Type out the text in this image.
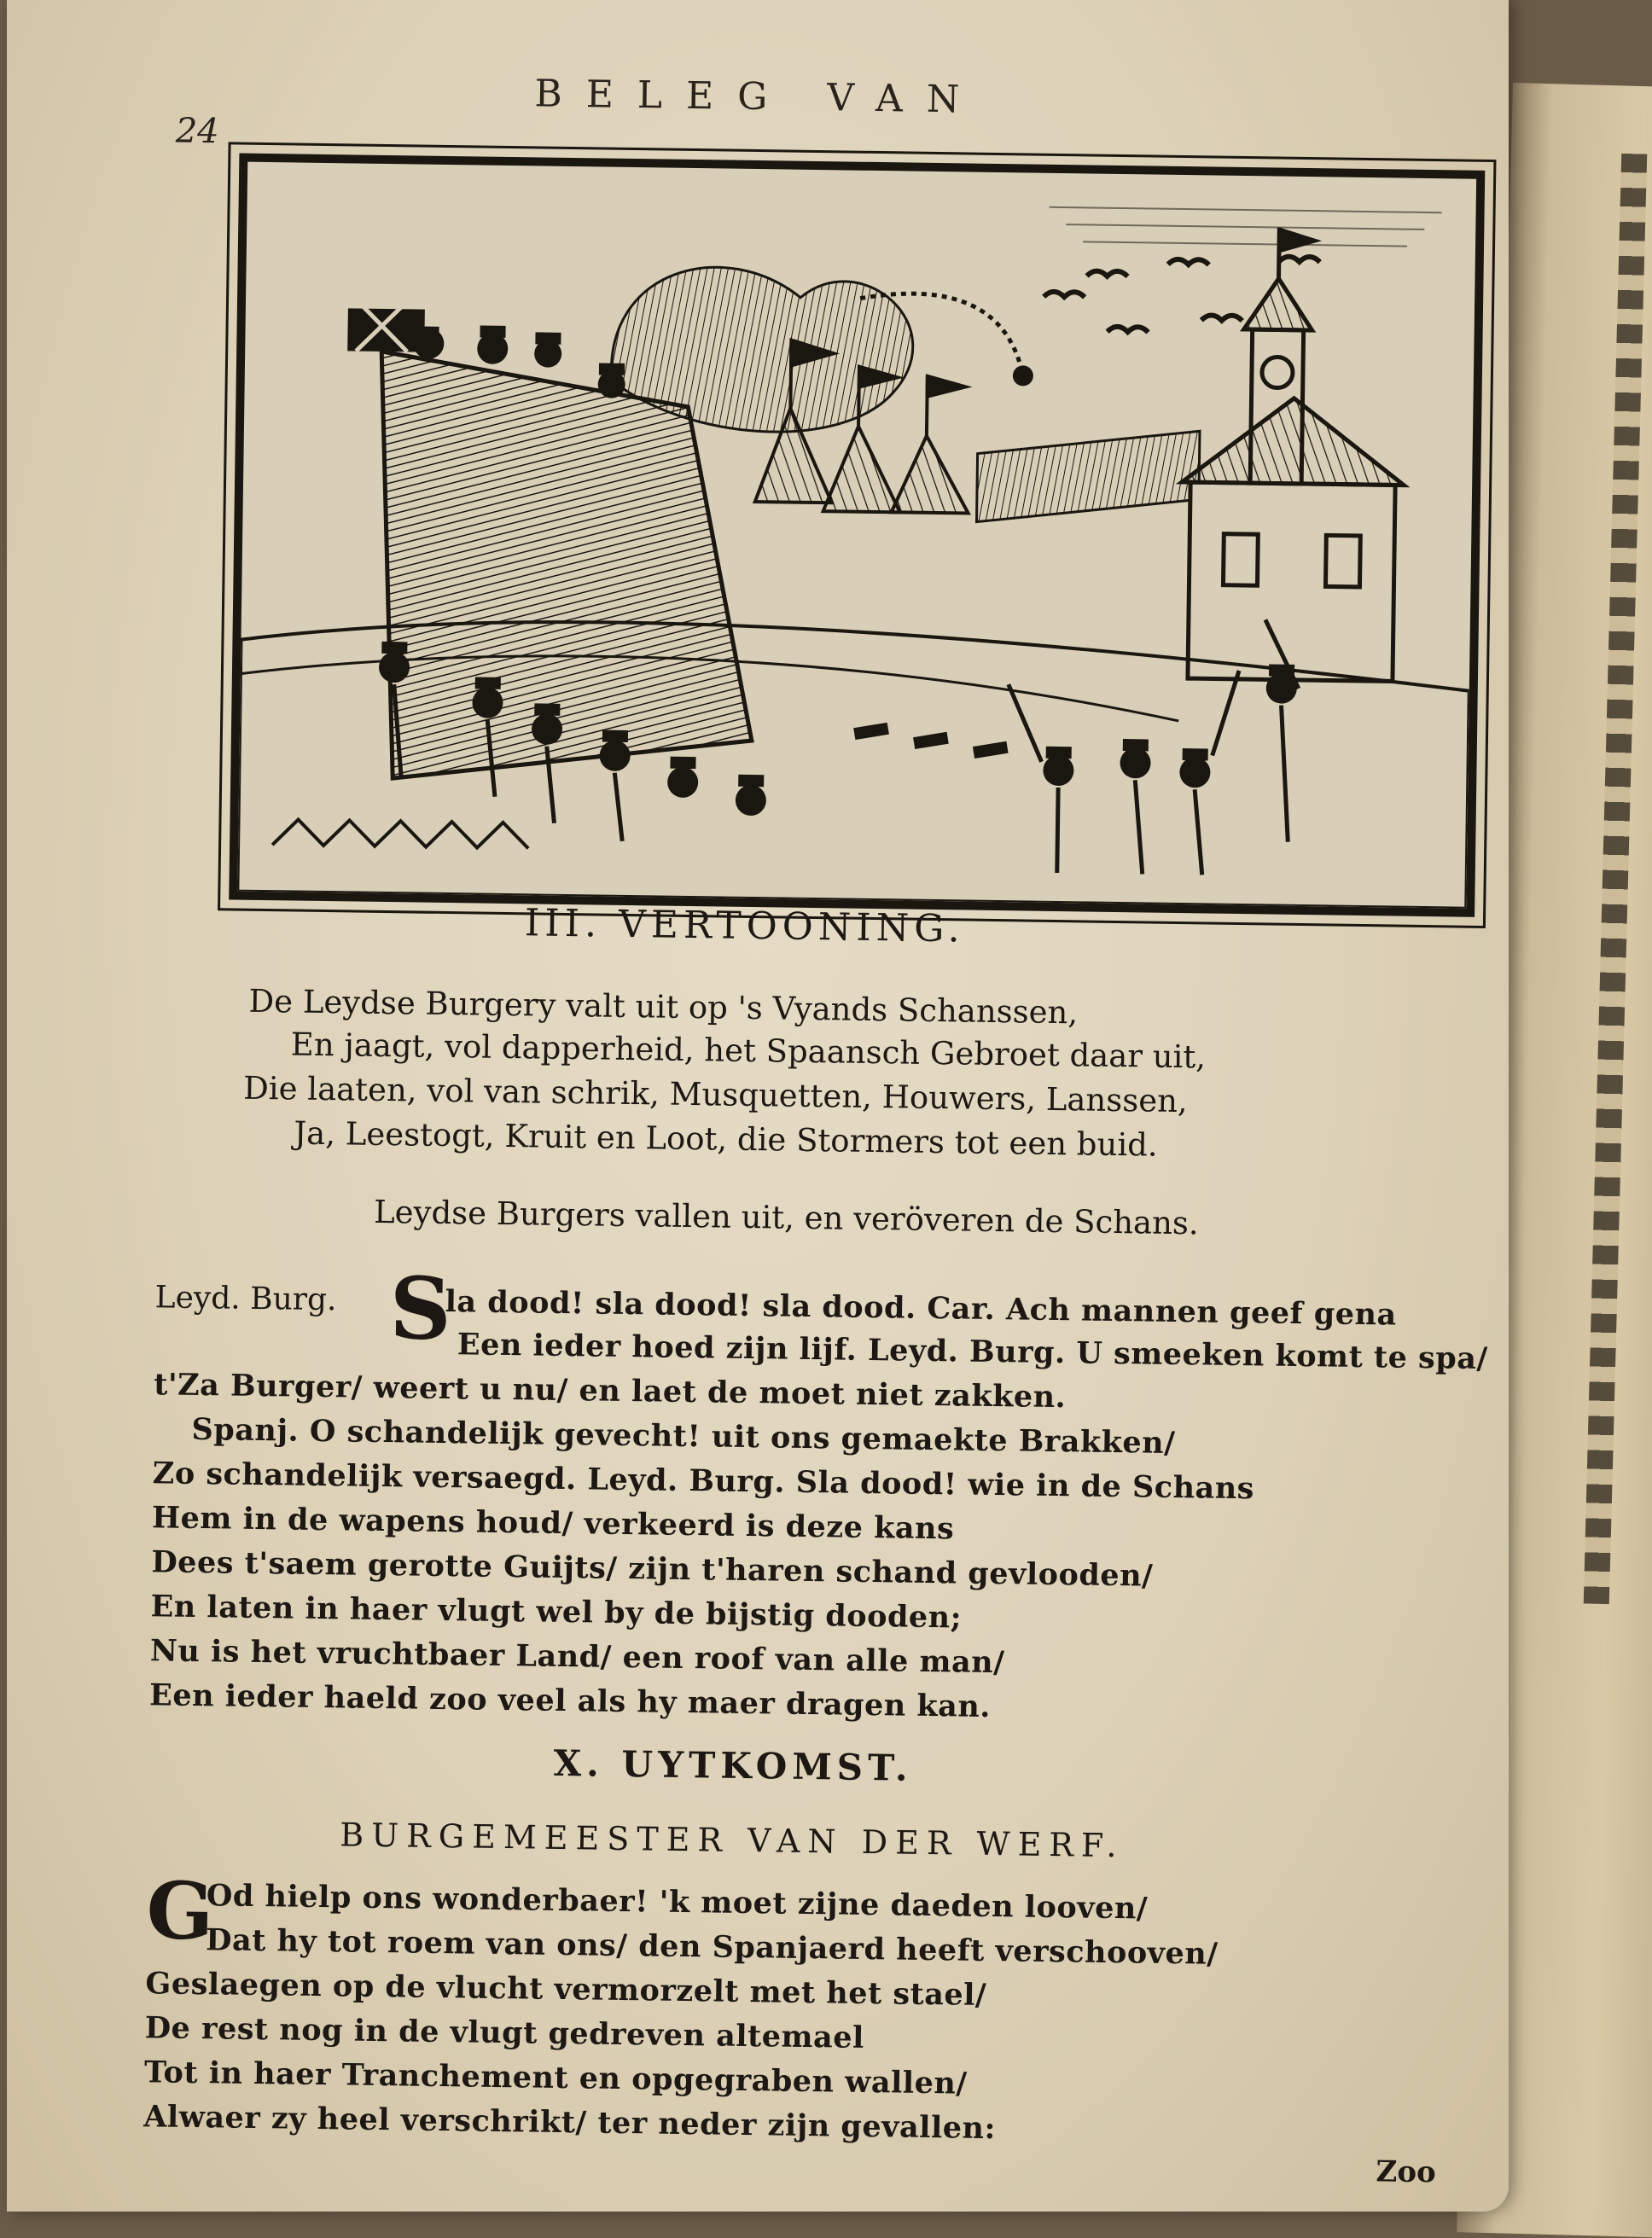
BELEG VAN
24
III. VERTOONING.
De Leydse Burgery valt uit op 's Vyands Schanssen,
En jaagt, vol dapperheid, het Spaansch Gebroet daar uit,
Die laaten, vol van schrik, Musquetten, Houwers, Lanssen,
Ja, Leestogt, Kruit en Loot, die Stormers tot een buid.
Leydse Burgers vallen uit, en veröveren de Schans.
Leyd. Burg. S
la dood! sla dood! sla dood. Car. Ach mannen geef gena
Een ieder hoed zijn lijf. Leyd. Burg. U smeeken komt te spa/
t'Za Burger/ weert u nu/ en laet de moet niet zakken.
Spanj. O schandelijk gevecht! uit ons gemaekte Brakken/
Zo schandelijk versaegd. Leyd. Burg. Sla dood! wie in de Schans
Hem in de wapens houd/ verkeerd is deze kans
Dees t'saem gerotte Guijts/ zijn t'haren schand gevlooden/
En laten in haer vlugt wel by de bijstig dooden;
Nu is het vruchtbaer Land/ een roof van alle man/
Een ieder haeld zoo veel als hy maer dragen kan.
X. UYTKOMST.
BURGEMEESTER VAN DER WERF.
G
Od hielp ons wonderbaer! 'k moet zijne daeden looven/
Dat hy tot roem van ons/ den Spanjaerd heeft verschooven/
Geslaegen op de vlucht vermorzelt met het stael/
De rest nog in de vlugt gedreven altemael
Tot in haer Tranchement en opgegraben wallen/
Alwaer zy heel verschrikt/ ter neder zijn gevallen:
Zoo
